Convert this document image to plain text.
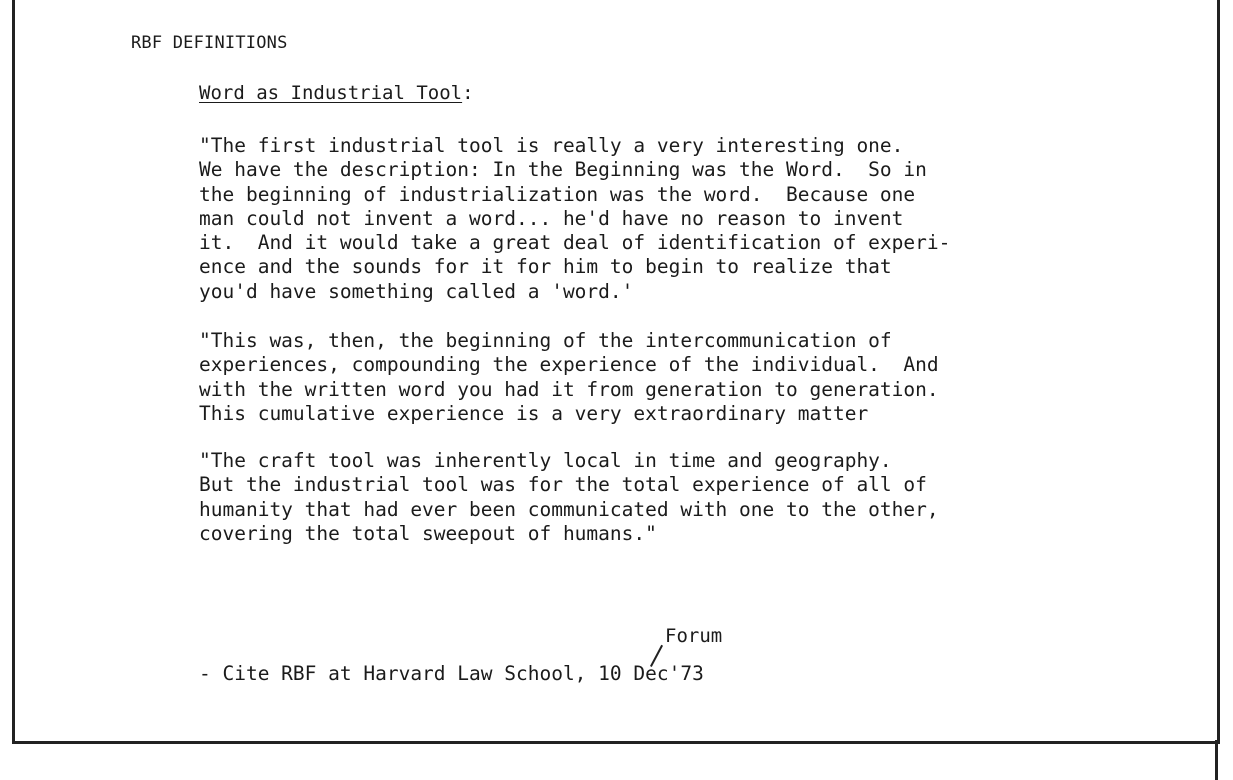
RBF DEFINITIONS
Word as Industrial Tool:

"The first industrial tool is really a very interesting one.
We have the description: In the Beginning was the Word.  So in
the beginning of industrialization was the word.  Because one
man could not invent a word... he'd have no reason to invent
it.  And it would take a great deal of identification of experi-
ence and the sounds for it for him to begin to realize that
you'd have something called a 'word.'

"This was, then, the beginning of the intercommunication of
experiences, compounding the experience of the individual.  And
with the written word you had it from generation to generation.
This cumulative experience is a very extraordinary matter

"The craft tool was inherently local in time and geography.
But the industrial tool was for the total experience of all of
humanity that had ever been communicated with one to the other,
covering the total sweepout of humans."

Forum
- Cite RBF at Harvard Law School, 10 Dec'73
